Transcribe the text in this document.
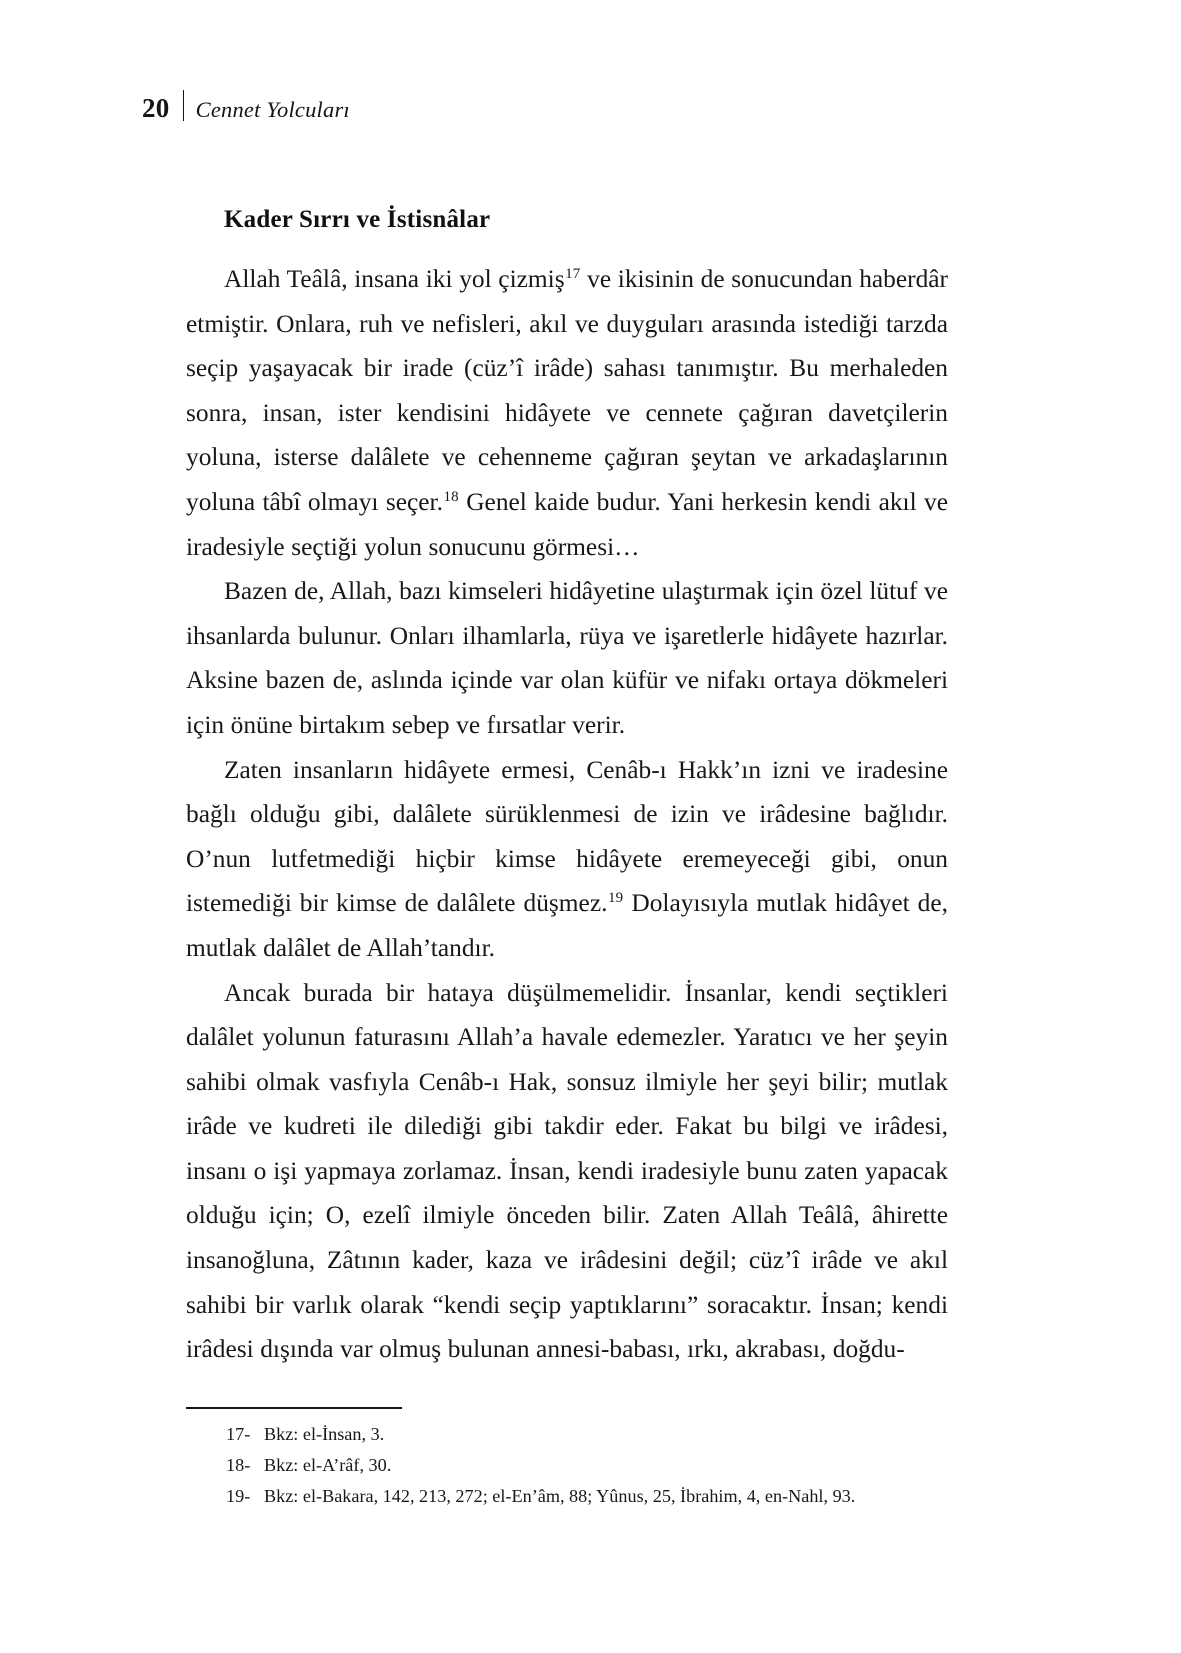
20 Cennet Yolcuları
Kader Sırrı ve İstisnâlar

Allah Teâlâ, insana iki yol çizmiş$^{17}$ ve ikisinin de sonucundan haberdâr etmiştir. Onlara, ruh ve nefisleri, akıl ve duyguları arasında istediği tarzda seçip yaşayacak bir irade (cüz’î irâde) sahası tanımıştır. Bu merhaleden sonra, insan, ister kendisini hidâyete ve cennete çağıran davetçilerin yoluna, isterse dalâlete ve cehenneme çağıran şeytan ve arkadaşlarının yoluna tâbî olmayı seçer.$^{18}$ Genel kaide budur. Yani herkesin kendi akıl ve iradesiyle seçtiği yolun sonucunu görmesi…

Bazen de, Allah, bazı kimseleri hidâyetine ulaştırmak için özel lütuf ve ihsanlarda bulunur. Onları ilhamlarla, rüya ve işaretlerle hidâyete hazırlar. Aksine bazen de, aslında içinde var olan küfür ve nifakı ortaya dökmeleri için önüne birtakım sebep ve fırsatlar verir.

Zaten insanların hidâyete ermesi, Cenâb-ı Hakk’ın izni ve iradesine bağlı olduğu gibi, dalâlete sürüklenmesi de izin ve irâdesine bağlıdır. O’nun lutfetmediği hiçbir kimse hidâyete eremeyeceği gibi, onun istemediği bir kimse de dalâlete düşmez.$^{19}$ Dolayısıyla mutlak hidâyet de, mutlak dalâlet de Allah’tandır.

Ancak burada bir hataya düşülmemelidir. İnsanlar, kendi seçtikleri dalâlet yolunun faturasını Allah’a havale edemezler. Yaratıcı ve her şeyin sahibi olmak vasfıyla Cenâb-ı Hak, sonsuz ilmiyle her şeyi bilir; mutlak irâde ve kudreti ile dilediği gibi takdir eder. Fakat bu bilgi ve irâdesi, insanı o işi yapmaya zorlamaz. İnsan, kendi iradesiyle bunu zaten yapacak olduğu için; O, ezelî ilmiyle önceden bilir. Zaten Allah Teâlâ, âhirette insanoğluna, Zâtının kader, kaza ve irâdesini değil; cüz’î irâde ve akıl sahibi bir varlık olarak “kendi seçip yaptıklarını” soracaktır. İnsan; kendi irâdesi dışında var olmuş bulunan annesi-babası, ırkı, akrabası, doğdu-

17- Bkz: el-İnsan, 3.
18- Bkz: el-A’râf, 30.
19- Bkz: el-Bakara, 142, 213, 272; el-En’âm, 88; Yûnus, 25, İbrahim, 4, en-Nahl, 93.
